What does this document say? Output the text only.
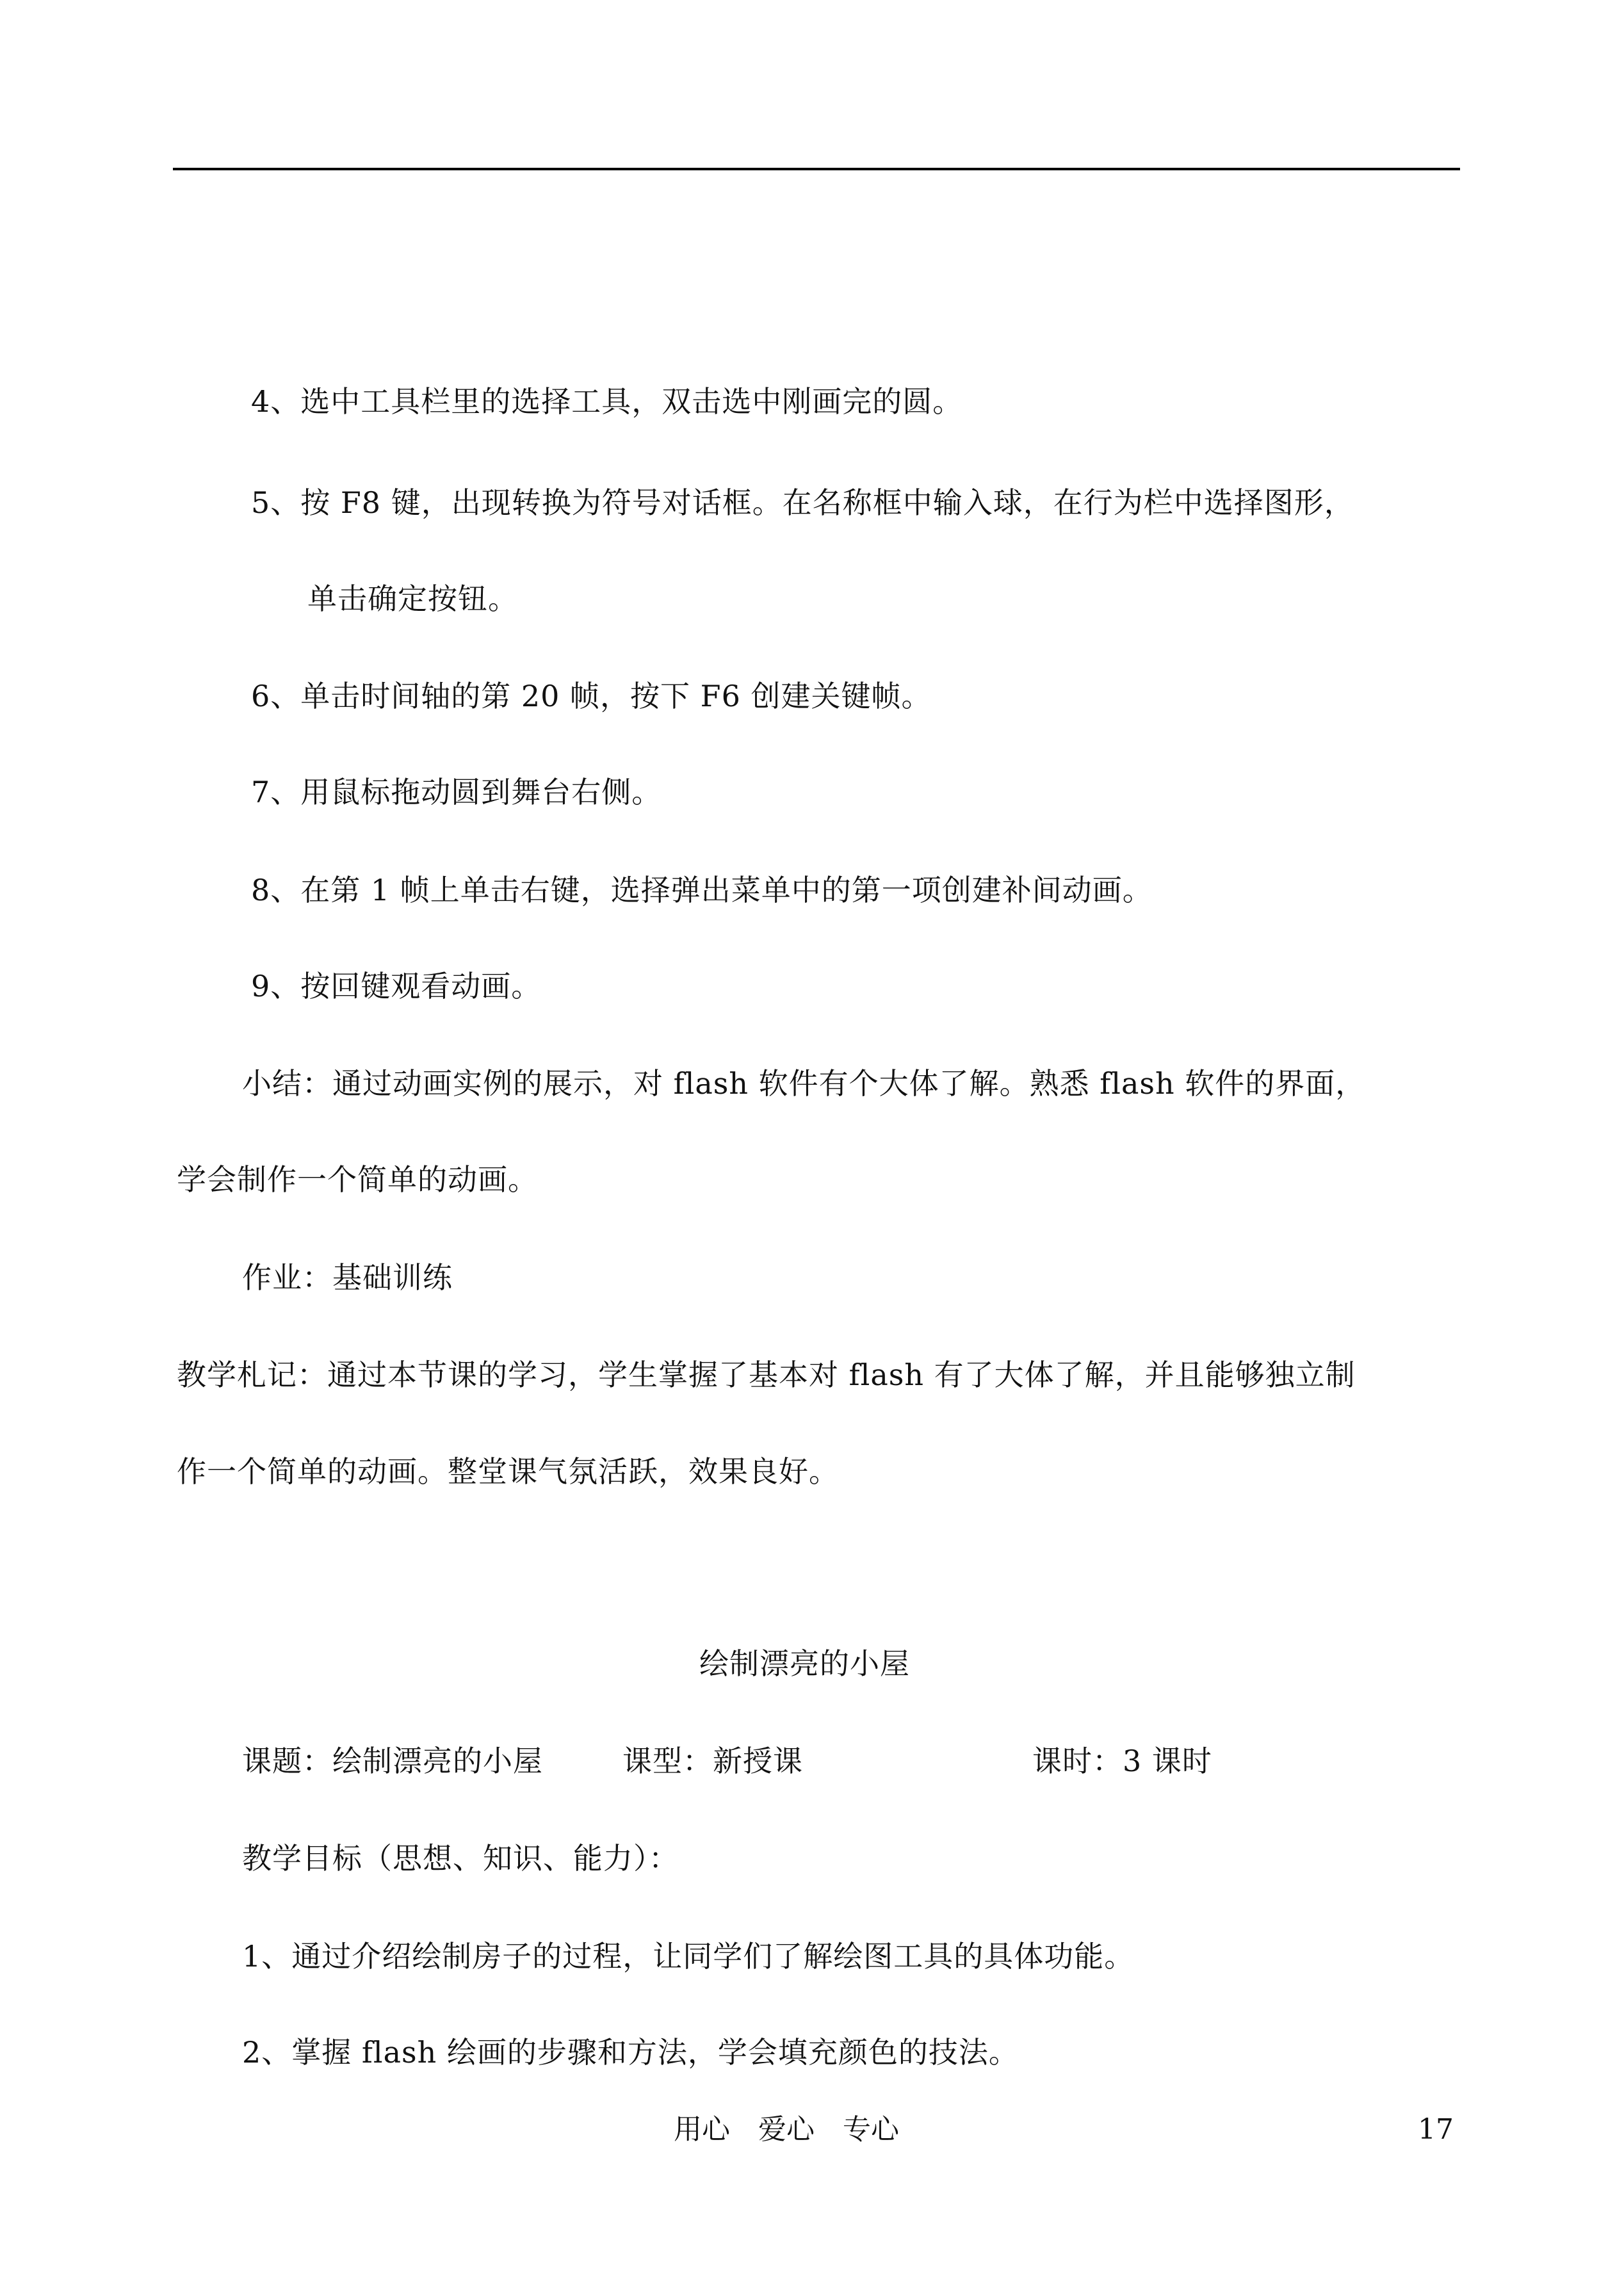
4、选中工具栏里的选择工具，双击选中刚画完的圆。
5、按 F8 键，出现转换为符号对话框。在名称框中输入球，在行为栏中选择图形，
单击确定按钮。
6、单击时间轴的第 20 帧，按下 F6 创建关键帧。
7、用鼠标拖动圆到舞台右侧。
8、在第 1 帧上单击右键，选择弹出菜单中的第一项创建补间动画。
9、按回键观看动画。
小结：通过动画实例的展示，对 flash 软件有个大体了解。熟悉 flash 软件的界面，
学会制作一个简单的动画。
作业：基础训练
教学札记：通过本节课的学习，学生掌握了基本对 flash 有了大体了解，并且能够独立制
作一个简单的动画。整堂课气氛活跃，效果良好。
绘制漂亮的小屋
课题：绘制漂亮的小屋	课型：新授课	课时：3 课时
教学目标（思想、知识、能力）：
1、通过介绍绘制房子的过程，让同学们了解绘图工具的具体功能。
2、掌握 flash 绘画的步骤和方法，学会填充颜色的技法。
用心　爱心　专心	17
